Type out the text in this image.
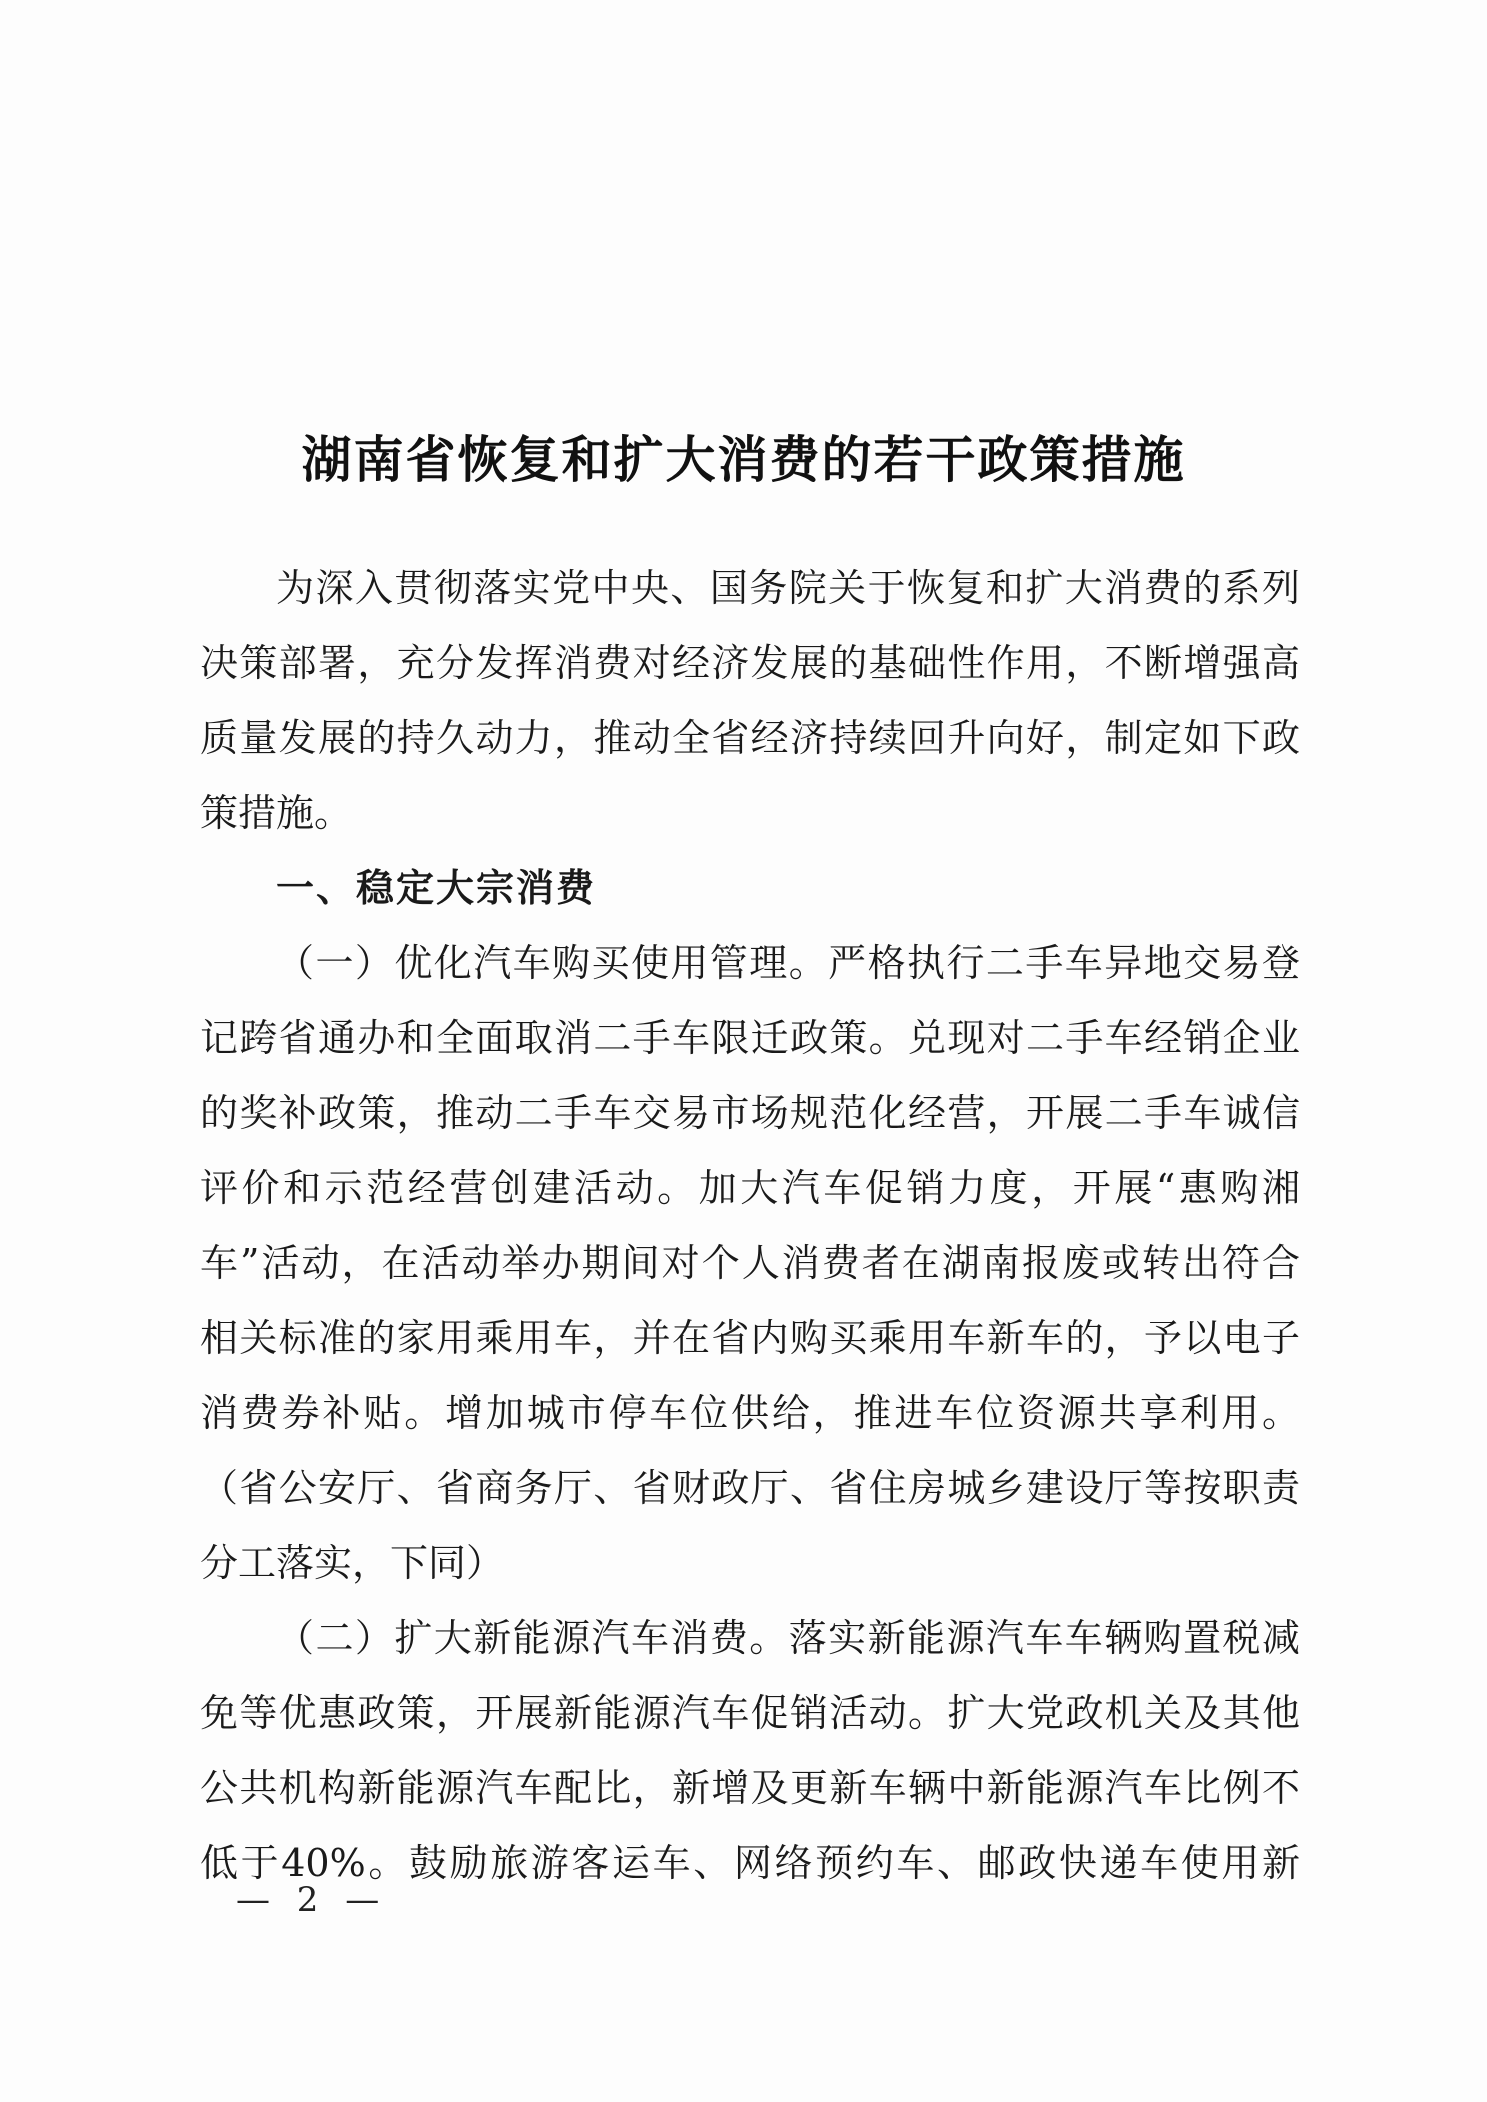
湖南省恢复和扩大消费的若干政策措施
为深入贯彻落实党中央、国务院关于恢复和扩大消费的系列
决策部署，充分发挥消费对经济发展的基础性作用，不断增强高
质量发展的持久动力，推动全省经济持续回升向好，制定如下政
策措施。
一、稳定大宗消费
（一）优化汽车购买使用管理。严格执行二手车异地交易登
记跨省通办和全面取消二手车限迁政策。兑现对二手车经销企业
的奖补政策，推动二手车交易市场规范化经营，开展二手车诚信
评价和示范经营创建活动。加大汽车促销力度，开展“惠购湘
车”活动，在活动举办期间对个人消费者在湖南报废或转出符合
相关标准的家用乘用车，并在省内购买乘用车新车的，予以电子
消费券补贴。增加城市停车位供给，推进车位资源共享利用。
（省公安厅、省商务厅、省财政厅、省住房城乡建设厅等按职责
分工落实，下同）
（二）扩大新能源汽车消费。落实新能源汽车车辆购置税减
免等优惠政策，开展新能源汽车促销活动。扩大党政机关及其他
公共机构新能源汽车配比，新增及更新车辆中新能源汽车比例不
低于40%。鼓励旅游客运车、网络预约车、邮政快递车使用新
— 2 —
